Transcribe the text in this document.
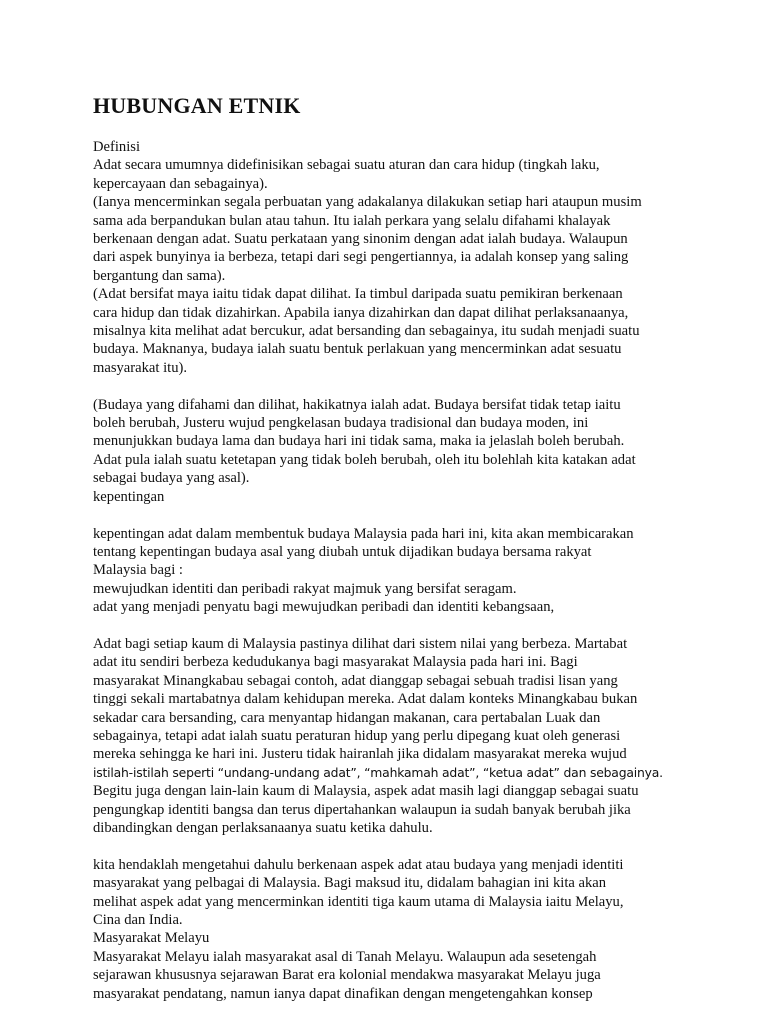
HUBUNGAN ETNIK
Definisi
Adat secara umumnya didefinisikan sebagai suatu aturan dan cara hidup (tingkah laku,
kepercayaan dan sebagainya).
(Ianya mencerminkan segala perbuatan yang adakalanya dilakukan setiap hari ataupun musim
sama ada berpandukan bulan atau tahun. Itu ialah perkara yang selalu difahami khalayak
berkenaan dengan adat. Suatu perkataan yang sinonim dengan adat ialah budaya. Walaupun
dari aspek bunyinya ia berbeza, tetapi dari segi pengertiannya, ia adalah konsep yang saling
bergantung dan sama).
(Adat bersifat maya iaitu tidak dapat dilihat. Ia timbul daripada suatu pemikiran berkenaan
cara hidup dan tidak dizahirkan. Apabila ianya dizahirkan dan dapat dilihat perlaksanaanya,
misalnya kita melihat adat bercukur, adat bersanding dan sebagainya, itu sudah menjadi suatu
budaya. Maknanya, budaya ialah suatu bentuk perlakuan yang mencerminkan adat sesuatu
masyarakat itu).
(Budaya yang difahami dan dilihat, hakikatnya ialah adat. Budaya bersifat tidak tetap iaitu
boleh berubah, Justeru wujud pengkelasan budaya tradisional dan budaya moden, ini
menunjukkan budaya lama dan budaya hari ini tidak sama, maka ia jelaslah boleh berubah.
Adat pula ialah suatu ketetapan yang tidak boleh berubah, oleh itu bolehlah kita katakan adat
sebagai budaya yang asal).
kepentingan
kepentingan adat dalam membentuk budaya Malaysia pada hari ini, kita akan membicarakan
tentang kepentingan budaya asal yang diubah untuk dijadikan budaya bersama rakyat
Malaysia bagi :
mewujudkan identiti dan peribadi rakyat majmuk yang bersifat seragam.
adat yang menjadi penyatu bagi mewujudkan peribadi dan identiti kebangsaan,
Adat bagi setiap kaum di Malaysia pastinya dilihat dari sistem nilai yang berbeza. Martabat
adat itu sendiri berbeza kedudukanya bagi masyarakat Malaysia pada hari ini. Bagi
masyarakat Minangkabau sebagai contoh, adat dianggap sebagai sebuah tradisi lisan yang
tinggi sekali martabatnya dalam kehidupan mereka. Adat dalam konteks Minangkabau bukan
sekadar cara bersanding, cara menyantap hidangan makanan, cara pertabalan Luak dan
sebagainya, tetapi adat ialah suatu peraturan hidup yang perlu dipegang kuat oleh generasi
mereka sehingga ke hari ini. Justeru tidak hairanlah jika didalam masyarakat mereka wujud
istilah-istilah seperti “undang-undang adat”, “mahkamah adat”, “ketua adat” dan sebagainya.
Begitu juga dengan lain-lain kaum di Malaysia, aspek adat masih lagi dianggap sebagai suatu
pengungkap identiti bangsa dan terus dipertahankan walaupun ia sudah banyak berubah jika
dibandingkan dengan perlaksanaanya suatu ketika dahulu.
kita hendaklah mengetahui dahulu berkenaan aspek adat atau budaya yang menjadi identiti
masyarakat yang pelbagai di Malaysia. Bagi maksud itu, didalam bahagian ini kita akan
melihat aspek adat yang mencerminkan identiti tiga kaum utama di Malaysia iaitu Melayu,
Cina dan India.
Masyarakat Melayu
Masyarakat Melayu ialah masyarakat asal di Tanah Melayu. Walaupun ada sesetengah
sejarawan khususnya sejarawan Barat era kolonial mendakwa masyarakat Melayu juga
masyarakat pendatang, namun ianya dapat dinafikan dengan mengetengahkan konsep
